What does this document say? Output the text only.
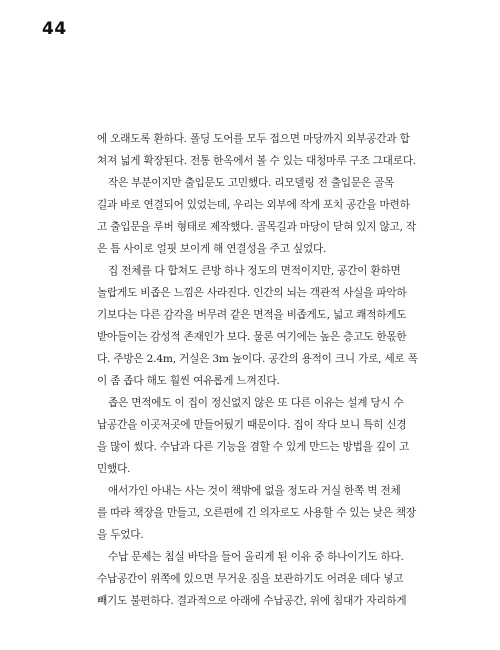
44
에 오래도록 환하다. 폴딩 도어를 모두 접으면 마당까지 외부공간과 합
쳐져 넓게 확장된다. 전통 한옥에서 볼 수 있는 대청마루 구조 그대로다.
작은 부분이지만 출입문도 고민했다. 리모델링 전 출입문은 골목
길과 바로 연결되어 있었는데, 우리는 외부에 작게 포치 공간을 마련하
고 출입문을 루버 형태로 제작했다. 골목길과 마당이 닫혀 있지 않고, 작
은 틈 사이로 얼핏 보이게 해 연결성을 주고 싶었다.
집 전체를 다 합쳐도 큰방 하나 정도의 면적이지만, 공간이 환하면
놀랍게도 비좁은 느낌은 사라진다. 인간의 뇌는 객관적 사실을 파악하
기보다는 다른 감각을 버무려 같은 면적을 비좁게도, 넓고 쾌적하게도
받아들이는 감성적 존재인가 보다. 물론 여기에는 높은 층고도 한몫한
다. 주방은 2.4m, 거실은 3m 높이다. 공간의 용적이 크니 가로, 세로 폭
이 좀 좁다 해도 훨씬 여유롭게 느껴진다.
좁은 면적에도 이 집이 정신없지 않은 또 다른 이유는 설계 당시 수
납공간을 이곳저곳에 만들어뒀기 때문이다. 집이 작다 보니 특히 신경
을 많이 썼다. 수납과 다른 기능을 겸할 수 있게 만드는 방법을 깊이 고
민했다.
애서가인 아내는 사는 것이 책밖에 없을 정도라 거실 한쪽 벽 전체
를 따라 책장을 만들고, 오른편에 긴 의자로도 사용할 수 있는 낮은 책장
을 두었다.
수납 문제는 침실 바닥을 들어 올리게 된 이유 중 하나이기도 하다.
수납공간이 위쪽에 있으면 무거운 짐을 보관하기도 어려운 데다 넣고
빼기도 불편하다. 결과적으로 아래에 수납공간, 위에 침대가 자리하게
